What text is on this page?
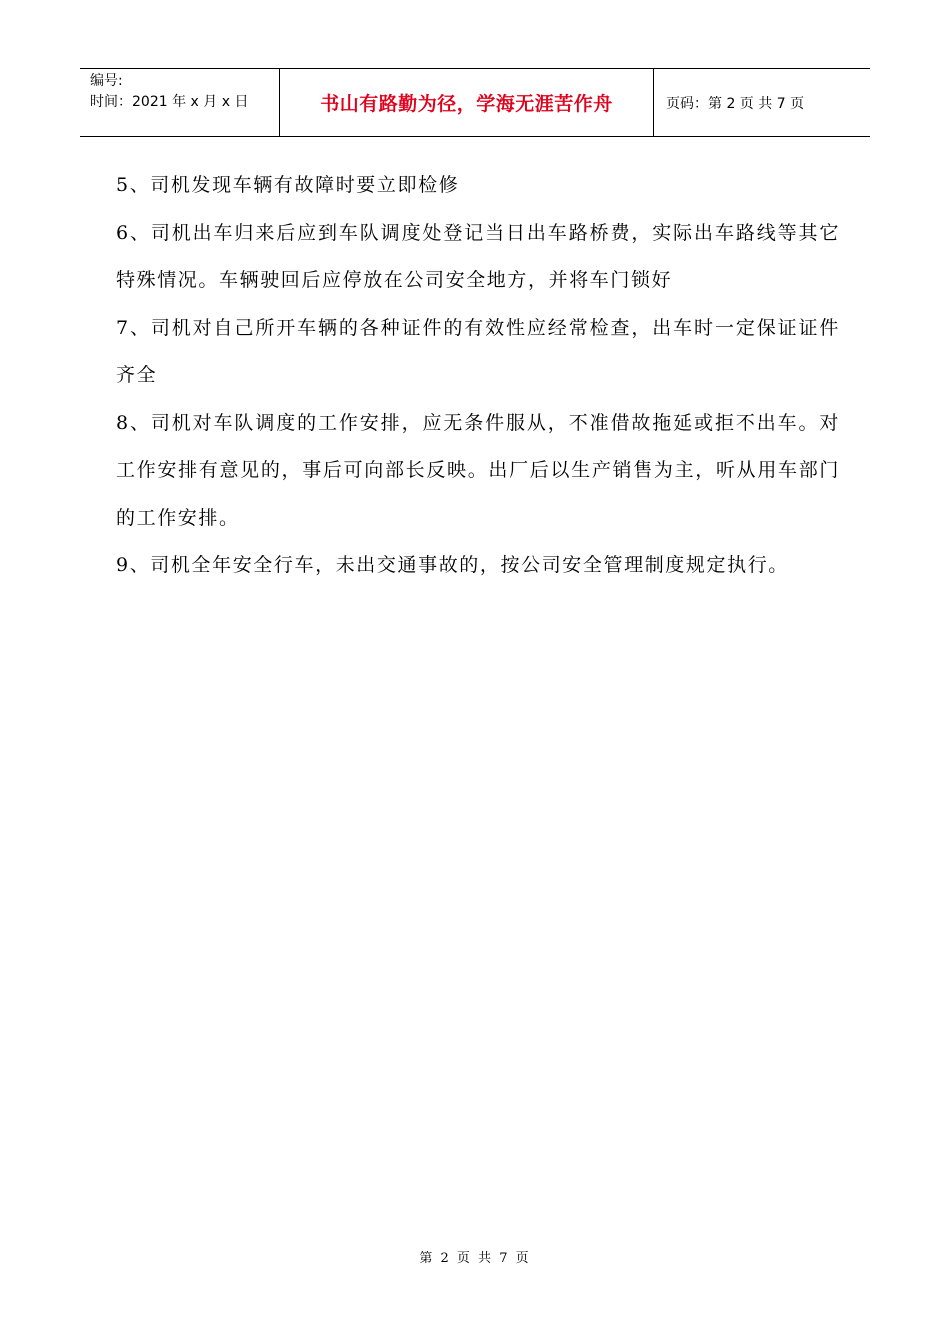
编号:
时间：2021 年 x 月 x 日	书山有路勤为径，学海无涯苦作舟	页码：第 2 页 共 7 页

5、司机发现车辆有故障时要立即检修

6、司机出车归来后应到车队调度处登记当日出车路桥费，实际出车路线等其它特殊情况。车辆驶回后应停放在公司安全地方，并将车门锁好

7、司机对自己所开车辆的各种证件的有效性应经常检查，出车时一定保证证件齐全

8、司机对车队调度的工作安排，应无条件服从，不准借故拖延或拒不出车。对工作安排有意见的，事后可向部长反映。出厂后以生产销售为主，听从用车部门的工作安排。

9、司机全年安全行车，未出交通事故的，按公司安全管理制度规定执行。

第 2 页 共 7 页
